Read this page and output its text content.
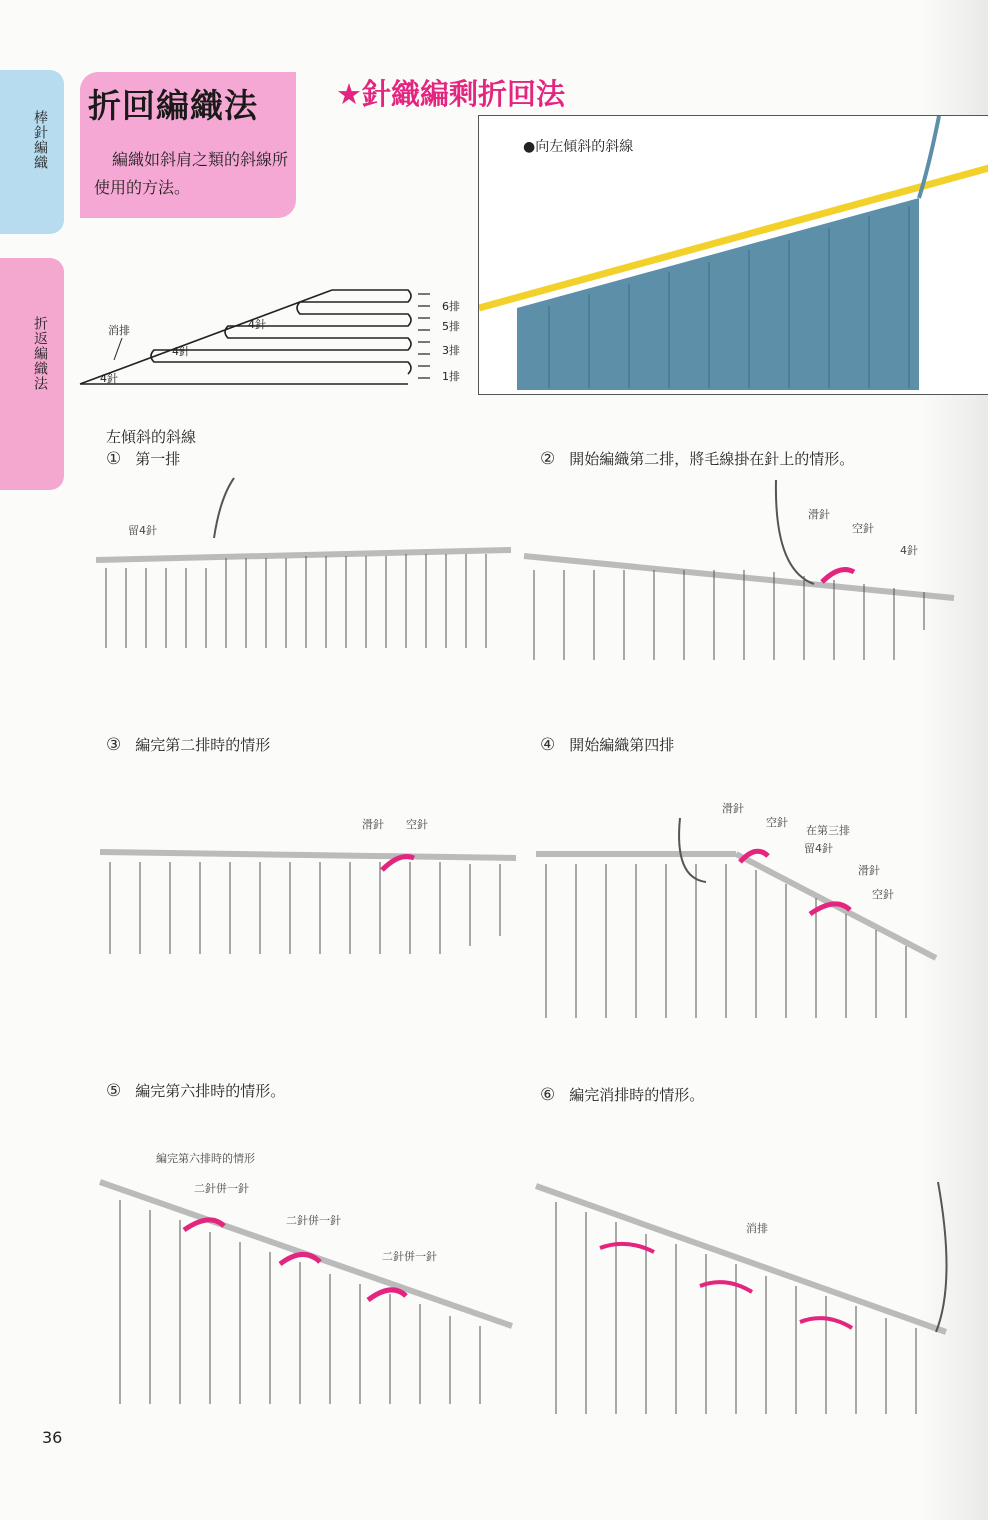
棒針編織
折返編織法
折回編織法
編織如斜肩之類的斜線所使用的方法。
★針織編剩折回法
6排
5排
3排
1排
4針
4針
4針
消排
●向左傾斜的斜線
左傾斜的斜線
① 第一排
留4針
② 開始編織第二排，將毛線掛在針上的情形。
滑針
空針
4針
③ 編完第二排時的情形
滑針 空針
④ 開始編織第四排
滑針
空針
在第三排
留4針
滑針
空針
⑤ 編完第六排時的情形。
編完第六排時的情形
二針併一針
二針併一針
二針併一針
⑥ 編完消排時的情形。
消排
36
